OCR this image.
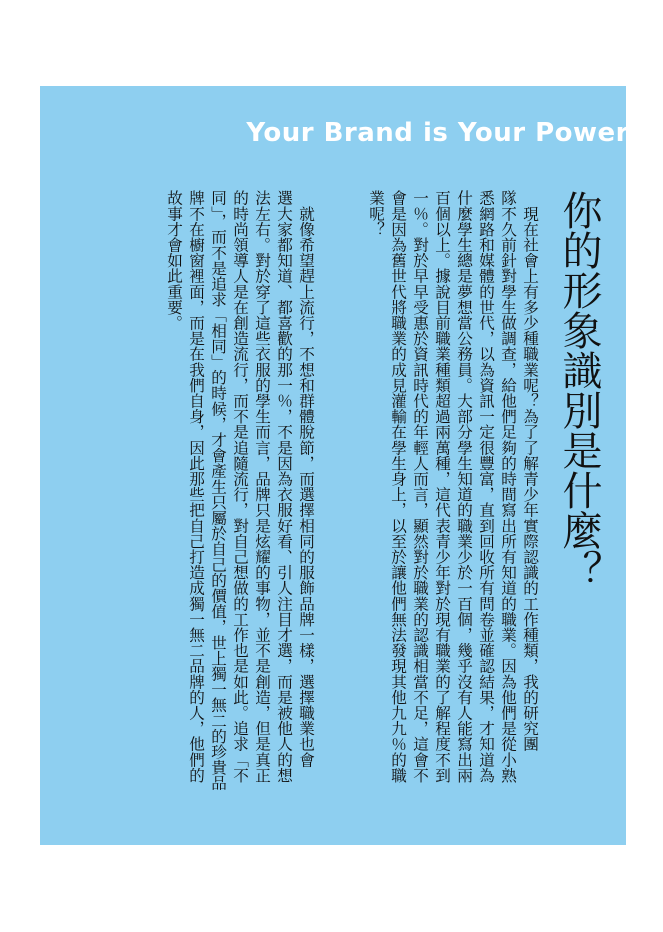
Your Brand is Your Power
你的形象識別是什麼？
　現在社會上有多少種職業呢？為了了解青少年實際認識的工作種類，我的研究團
隊不久前針對學生做調查，給他們足夠的時間寫出所有知道的職業。因為他們是從小熟
悉網路和媒體的世代，以為資訊一定很豐富，直到回收所有問卷並確認結果，才知道為
什麼學生總是夢想當公務員。大部分學生知道的職業少於一百個，幾乎沒有人能寫出兩
百個以上。據說目前職業種類超過兩萬種，這代表青少年對於現有職業的了解程度不到
一％。對於早早受惠於資訊時代的年輕人而言，顯然對於職業的認識相當不足，這會不
會是因為舊世代將職業的成見灌輸在學生身上，以至於讓他們無法發現其他九九％的職
業呢？
　就像希望趕上流行，不想和群體脫節，而選擇相同的服飾品牌一樣，選擇職業也會
選大家都知道、都喜歡的那一％，不是因為衣服好看、引人注目才選，而是被他人的想
法左右。對於穿了這些衣服的學生而言，品牌只是炫耀的事物，並不是創造，但是真正
的時尚領導人是在創造流行，而不是追隨流行，對自己想做的工作也是如此。追求「不
同」，而不是追求「相同」的時候，才會產生只屬於自己的價值，世上獨一無二的珍貴品
牌不在櫥窗裡面，而是在我們自身，因此那些把自己打造成獨一無二品牌的人，他們的
故事才會如此重要。
